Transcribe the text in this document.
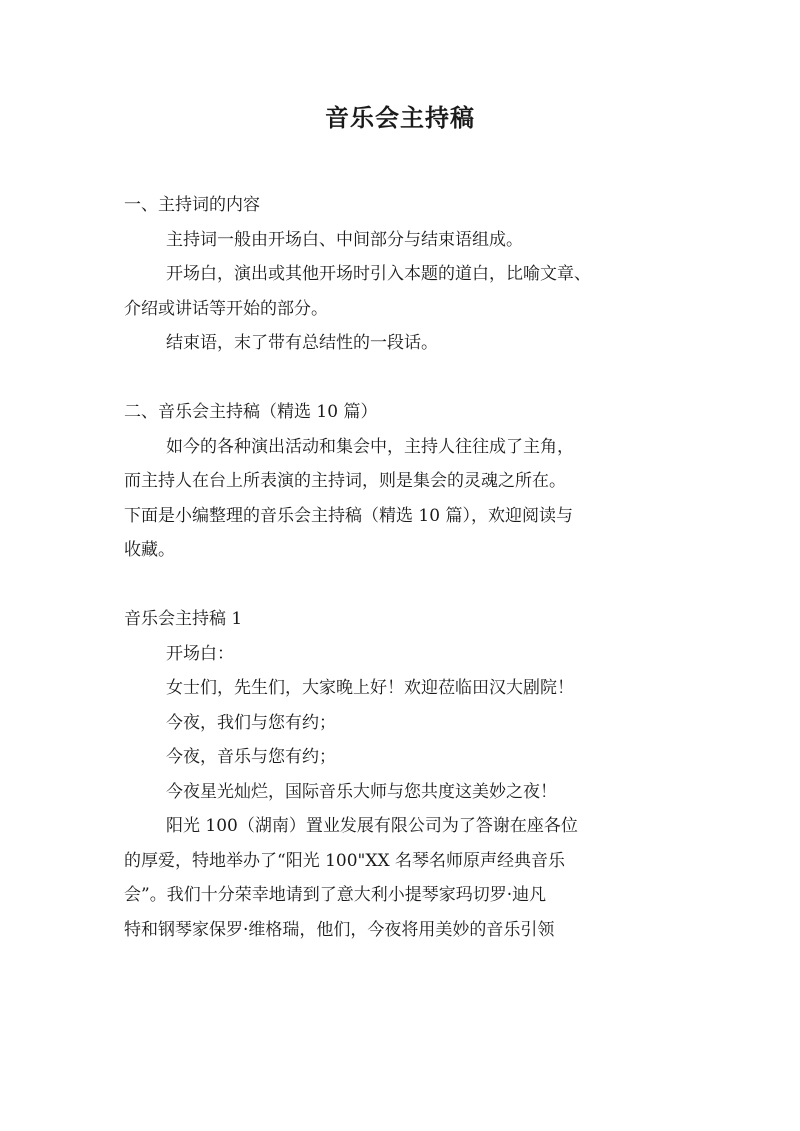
音乐会主持稿
一、主持词的内容
主持词一般由开场白、中间部分与结束语组成。
开场白，演出或其他开场时引入本题的道白，比喻文章、
介绍或讲话等开始的部分。
结束语，末了带有总结性的一段话。
二、音乐会主持稿（精选 10 篇）
如今的各种演出活动和集会中，主持人往往成了主角，
而主持人在台上所表演的主持词，则是集会的灵魂之所在。
下面是小编整理的音乐会主持稿（精选 10 篇），欢迎阅读与
收藏。
音乐会主持稿 1
开场白：
女士们，先生们，大家晚上好！欢迎莅临田汉大剧院！
今夜，我们与您有约；
今夜，音乐与您有约；
今夜星光灿烂，国际音乐大师与您共度这美妙之夜！
阳光 100（湖南）置业发展有限公司为了答谢在座各位
的厚爱，特地举办了“阳光 100"XX 名琴名师原声经典音乐
会”。我们十分荣幸地请到了意大利小提琴家玛切罗·迪凡
特和钢琴家保罗·维格瑞，他们，今夜将用美妙的音乐引领
